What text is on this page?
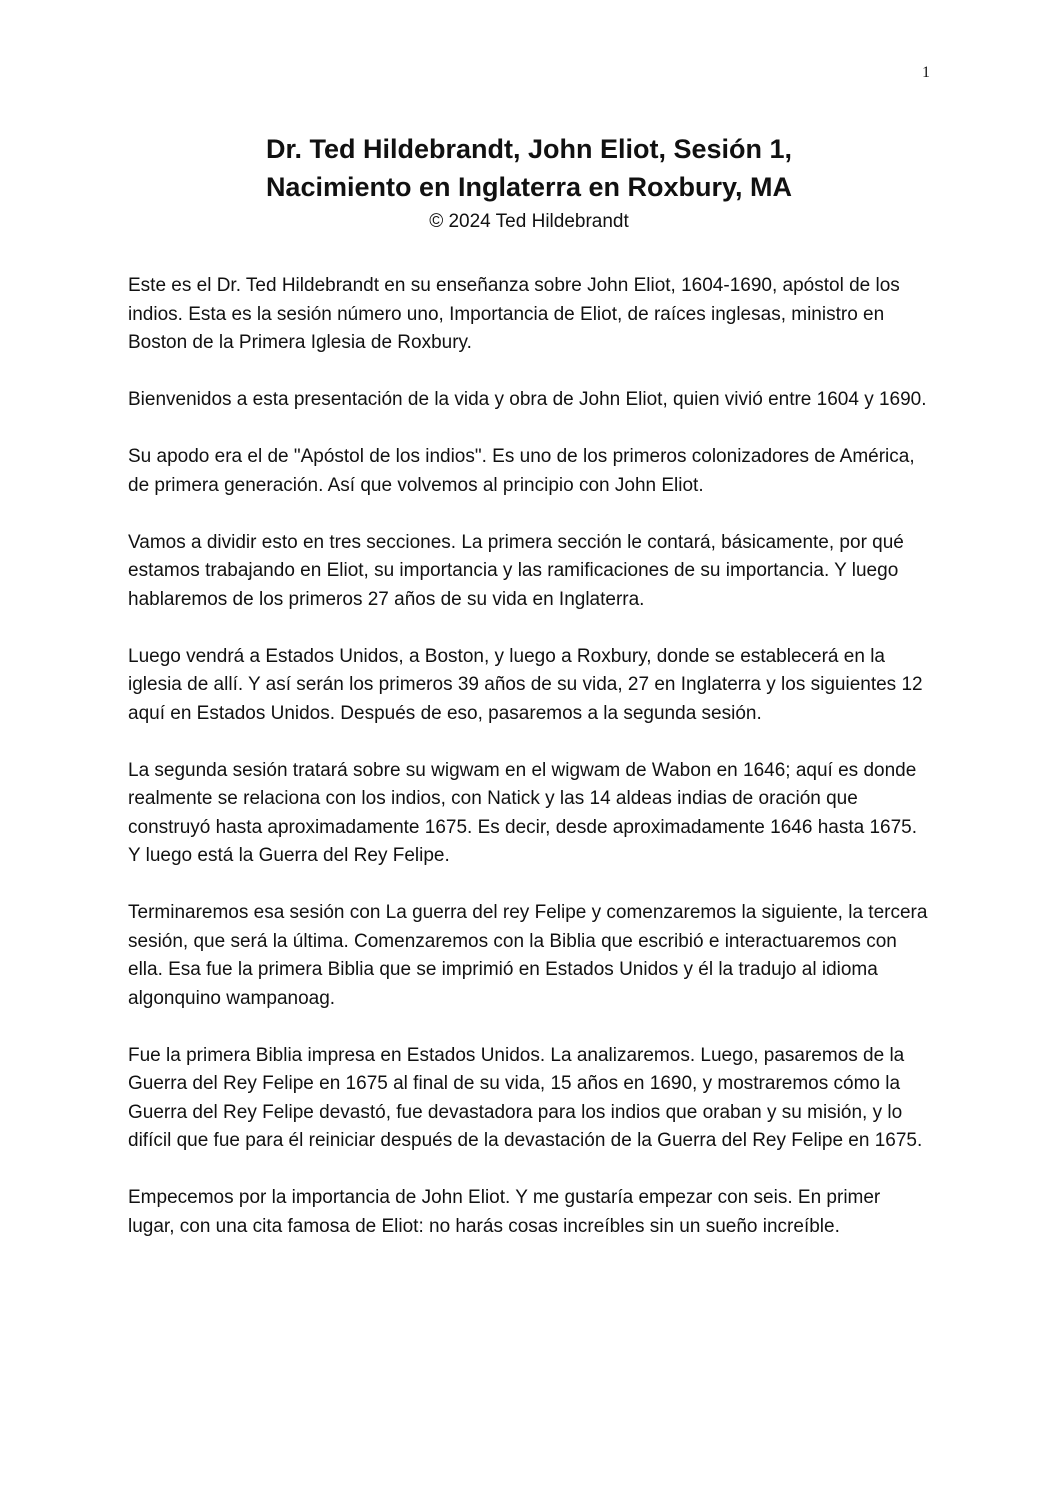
1
Dr. Ted Hildebrandt, John Eliot, Sesión 1,
Nacimiento en Inglaterra en Roxbury, MA
© 2024 Ted Hildebrandt

Este es el Dr. Ted Hildebrandt en su enseñanza sobre John Eliot, 1604-1690, apóstol de los indios. Esta es la sesión número uno, Importancia de Eliot, de raíces inglesas, ministro en Boston de la Primera Iglesia de Roxbury.

Bienvenidos a esta presentación de la vida y obra de John Eliot, quien vivió entre 1604 y 1690.

Su apodo era el de "Apóstol de los indios". Es uno de los primeros colonizadores de América, de primera generación. Así que volvemos al principio con John Eliot.

Vamos a dividir esto en tres secciones. La primera sección le contará, básicamente, por qué estamos trabajando en Eliot, su importancia y las ramificaciones de su importancia. Y luego hablaremos de los primeros 27 años de su vida en Inglaterra.

Luego vendrá a Estados Unidos, a Boston, y luego a Roxbury, donde se establecerá en la iglesia de allí. Y así serán los primeros 39 años de su vida, 27 en Inglaterra y los siguientes 12 aquí en Estados Unidos. Después de eso, pasaremos a la segunda sesión.

La segunda sesión tratará sobre su wigwam en el wigwam de Wabon en 1646; aquí es donde realmente se relaciona con los indios, con Natick y las 14 aldeas indias de oración que construyó hasta aproximadamente 1675. Es decir, desde aproximadamente 1646 hasta 1675. Y luego está la Guerra del Rey Felipe.

Terminaremos esa sesión con La guerra del rey Felipe y comenzaremos la siguiente, la tercera sesión, que será la última. Comenzaremos con la Biblia que escribió e interactuaremos con ella. Esa fue la primera Biblia que se imprimió en Estados Unidos y él la tradujo al idioma algonquino wampanoag.

Fue la primera Biblia impresa en Estados Unidos. La analizaremos. Luego, pasaremos de la Guerra del Rey Felipe en 1675 al final de su vida, 15 años en 1690, y mostraremos cómo la Guerra del Rey Felipe devastó, fue devastadora para los indios que oraban y su misión, y lo difícil que fue para él reiniciar después de la devastación de la Guerra del Rey Felipe en 1675.

Empecemos por la importancia de John Eliot. Y me gustaría empezar con seis. En primer lugar, con una cita famosa de Eliot: no harás cosas increíbles sin un sueño increíble.
